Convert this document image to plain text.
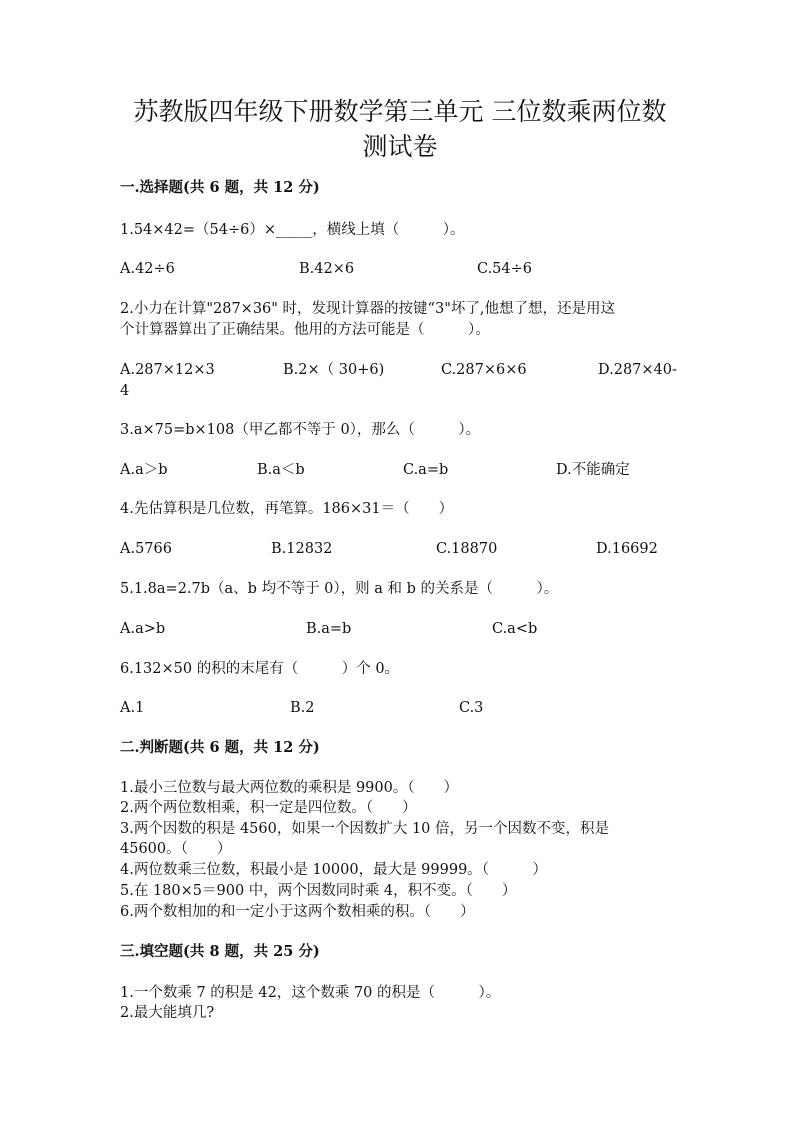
苏教版四年级下册数学第三单元 三位数乘两位数
测试卷
一.选择题(共 6 题，共 12 分)
1.54×42=（54÷6）×_____，横线上填（　　　）。
A.42÷6	B.42×6	C.54÷6
2.小力在计算"287×36" 时，发现计算器的按键“3"坏了,他想了想，还是用这
个计算器算出了正确结果。他用的方法可能是（　　　）。
A.287×12×3	B.2×（ 30+6)	C.287×6×6	D.287×40-
4
3.a×75=b×108（甲乙都不等于 0），那么（　　　）。
A.a＞b	B.a＜b	C.a=b	D.不能确定
4.先估算积是几位数，再笔算。186×31＝（　　）
A.5766	B.12832	C.18870	D.16692
5.1.8a=2.7b（a、b 均不等于 0），则 a 和 b 的关系是（　　　）。
A.a>b	B.a=b	C.a<b
6.132×50 的积的末尾有（　　　）个 0。
A.1	B.2	C.3
二.判断题(共 6 题，共 12 分)
1.最小三位数与最大两位数的乘积是 9900。（　　）
2.两个两位数相乘，积一定是四位数。（　　）
3.两个因数的积是 4560，如果一个因数扩大 10 倍，另一个因数不变，积是
45600。（　　）
4.两位数乘三位数，积最小是 10000，最大是 99999。（　　　）
5.在 180×5＝900 中，两个因数同时乘 4，积不变。（　　）
6.两个数相加的和一定小于这两个数相乘的积。（　　）
三.填空题(共 8 题，共 25 分)
1.一个数乘 7 的积是 42，这个数乘 70 的积是（　　　）。
2.最大能填几?
